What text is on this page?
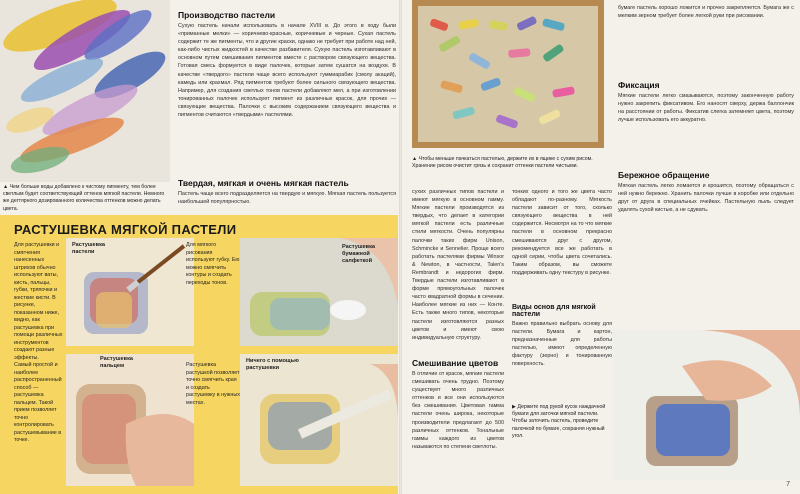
▲ Чем больше воды добавлено к чистому пигменту, тем более светлым будет соответствующий оттенок мягкой пастели. Немного же дегтярного дозированного количества оттенков можно делать цвета.
Производство пастели

Сухую пастель начали использовать в начале XVIII в. До этого в ходу были «приманные мелки» — коричнево-красные, коричневые и черные. Сухая пастель содержит те же пигменты, что и другие краски, однако не требует при работе над ней, как-либо чистых жидкостей в качестве разбавителя. Сухую пастель изготавливают в основном путем смешивания пигментов вместе с раствором связующего вещества. Готовая смесь формуется в виде палочек, которые затем сушатся на воздухе. В качестве «твердого» пастели чаще всего используют гуммиарабик (смолу акаций), камедь или крахмал. Ряд пигментов требуют более сильного связующего вещества. Например, для создания светлых тонов пастели добавляют мел, а при изготовлении тонированных палочек используют пигмент из различных красок, для прочих — связующие вещества. Палочки с высоким содержанием связующего вещества и пигментов считаются «твердыми» пастелями.

Твердая, мягкая и очень мягкая пастель

Пастель чаще всего подразделяется на твердую и мягкую. Мягкая пастель пользуется наибольшей популярностью.

РАСТУШЕВКА МЯГКОЙ ПАСТЕЛИ
Для растушевки и смягчения нанесенных штрихов обычно используют ваты, кисть, пальцы, губки, тряпочки и жесткие кисти. В рисунке, показанном ниже, видно, как растушевка при помощи различных инструментов создают разные эффекты.
Растушевка пастели
Для мягкого рисования используют губку. Ею можно смягчить контуры и создать переходы тонов.
Растушевка бумажной салфеткой
Самый простой и наиболее распространенный способ — растушевка пальцем. Такой прием позволяет точно контролировать растушевывание в точке.
Растушевка пальцем	Растушевка растушкой позволяет точно смягчить края и создать растушевку в нужных местах.
Ничего с помощью растушевки
▲ Чтобы меньше пачкаться пастелью, держите их в ящике с сухим рисом. Хранение рисом очистит грязь и сохранит оттенки пастели чистыми.
сухих различных типов пастели и имеют мягкую в основном гамму. Мягкие пастели производятся из твердых, что делает в категории мягкой пастели есть различные стили мягкости. Очень популярны палочки таких фирм Unison, Schmincke и Sennelier. Проще всего работать пастелями фирмы Winsor & Newton, в частности, Talen's Rembrandt и недорогих фирм. Твердые пастели изготавливают в форме прямоугольных палочек часто квадратной формы в сечении. Наиболее мягкие из них — Конте. Есть также много типов, некоторые пастели изготовляются разных цветов и имеют свою индивидуальную структуру.
тонких одного и того же цвета часто обладают по-разному. Мягкость пастели зависит от того, сколько связующего вещества в ней содержится. Несмотря на то что мягкие пастели в основном прекрасно смешиваются друг с другом, рекомендуется все же работать в одной серии, чтобы цвета сочетались. Таким образом, вы сможете поддерживать одну текстуру в рисунке.
Виды основ для мягкой пастели

Важно правильно выбрать основу для пастели. Бумага и картон, предназначенные для работы пастелью, имеют определенную фактуру (зерно) и тонированную поверхность.

Смешивание цветов

В отличие от красок, мягкие пастели смешивать очень трудно. Поэтому существует много различных оттенков и все они используются без смешивания. Цветовая гамма пастели очень широка, некоторые производители предлагают до 500 различных оттенков. Тональные гаммы каждого из цветов называются по степени светлоты.

▶ Держите под рукой кусок наждачной бумаги для заточки мягкой пастели. Чтобы заточить пастель, проведите палочкой по бумаге, сохраняя нужный угол.
бумаге пастель хорошо ложится и прочно закрепляется. Бумага же с мелким зерном требует более легкой руки при рисовании.
Фиксация

Мягкие пастели легко смазываются, поэтому законченную работу нужно закрепить фиксативом. Его наносят сверху, держа баллончик на расстоянии от работы. Фиксатив слегка затемняет цвета, поэтому лучше использовать его аккуратно.

Бережное обращение

Мягкая пастель легко ломается и крошится, поэтому обращаться с ней нужно бережно. Хранить палочки лучше в коробке или отдельно друг от друга в специальных ячейках. Пастельную пыль следует удалять сухой кистью, а не сдувать.

7
